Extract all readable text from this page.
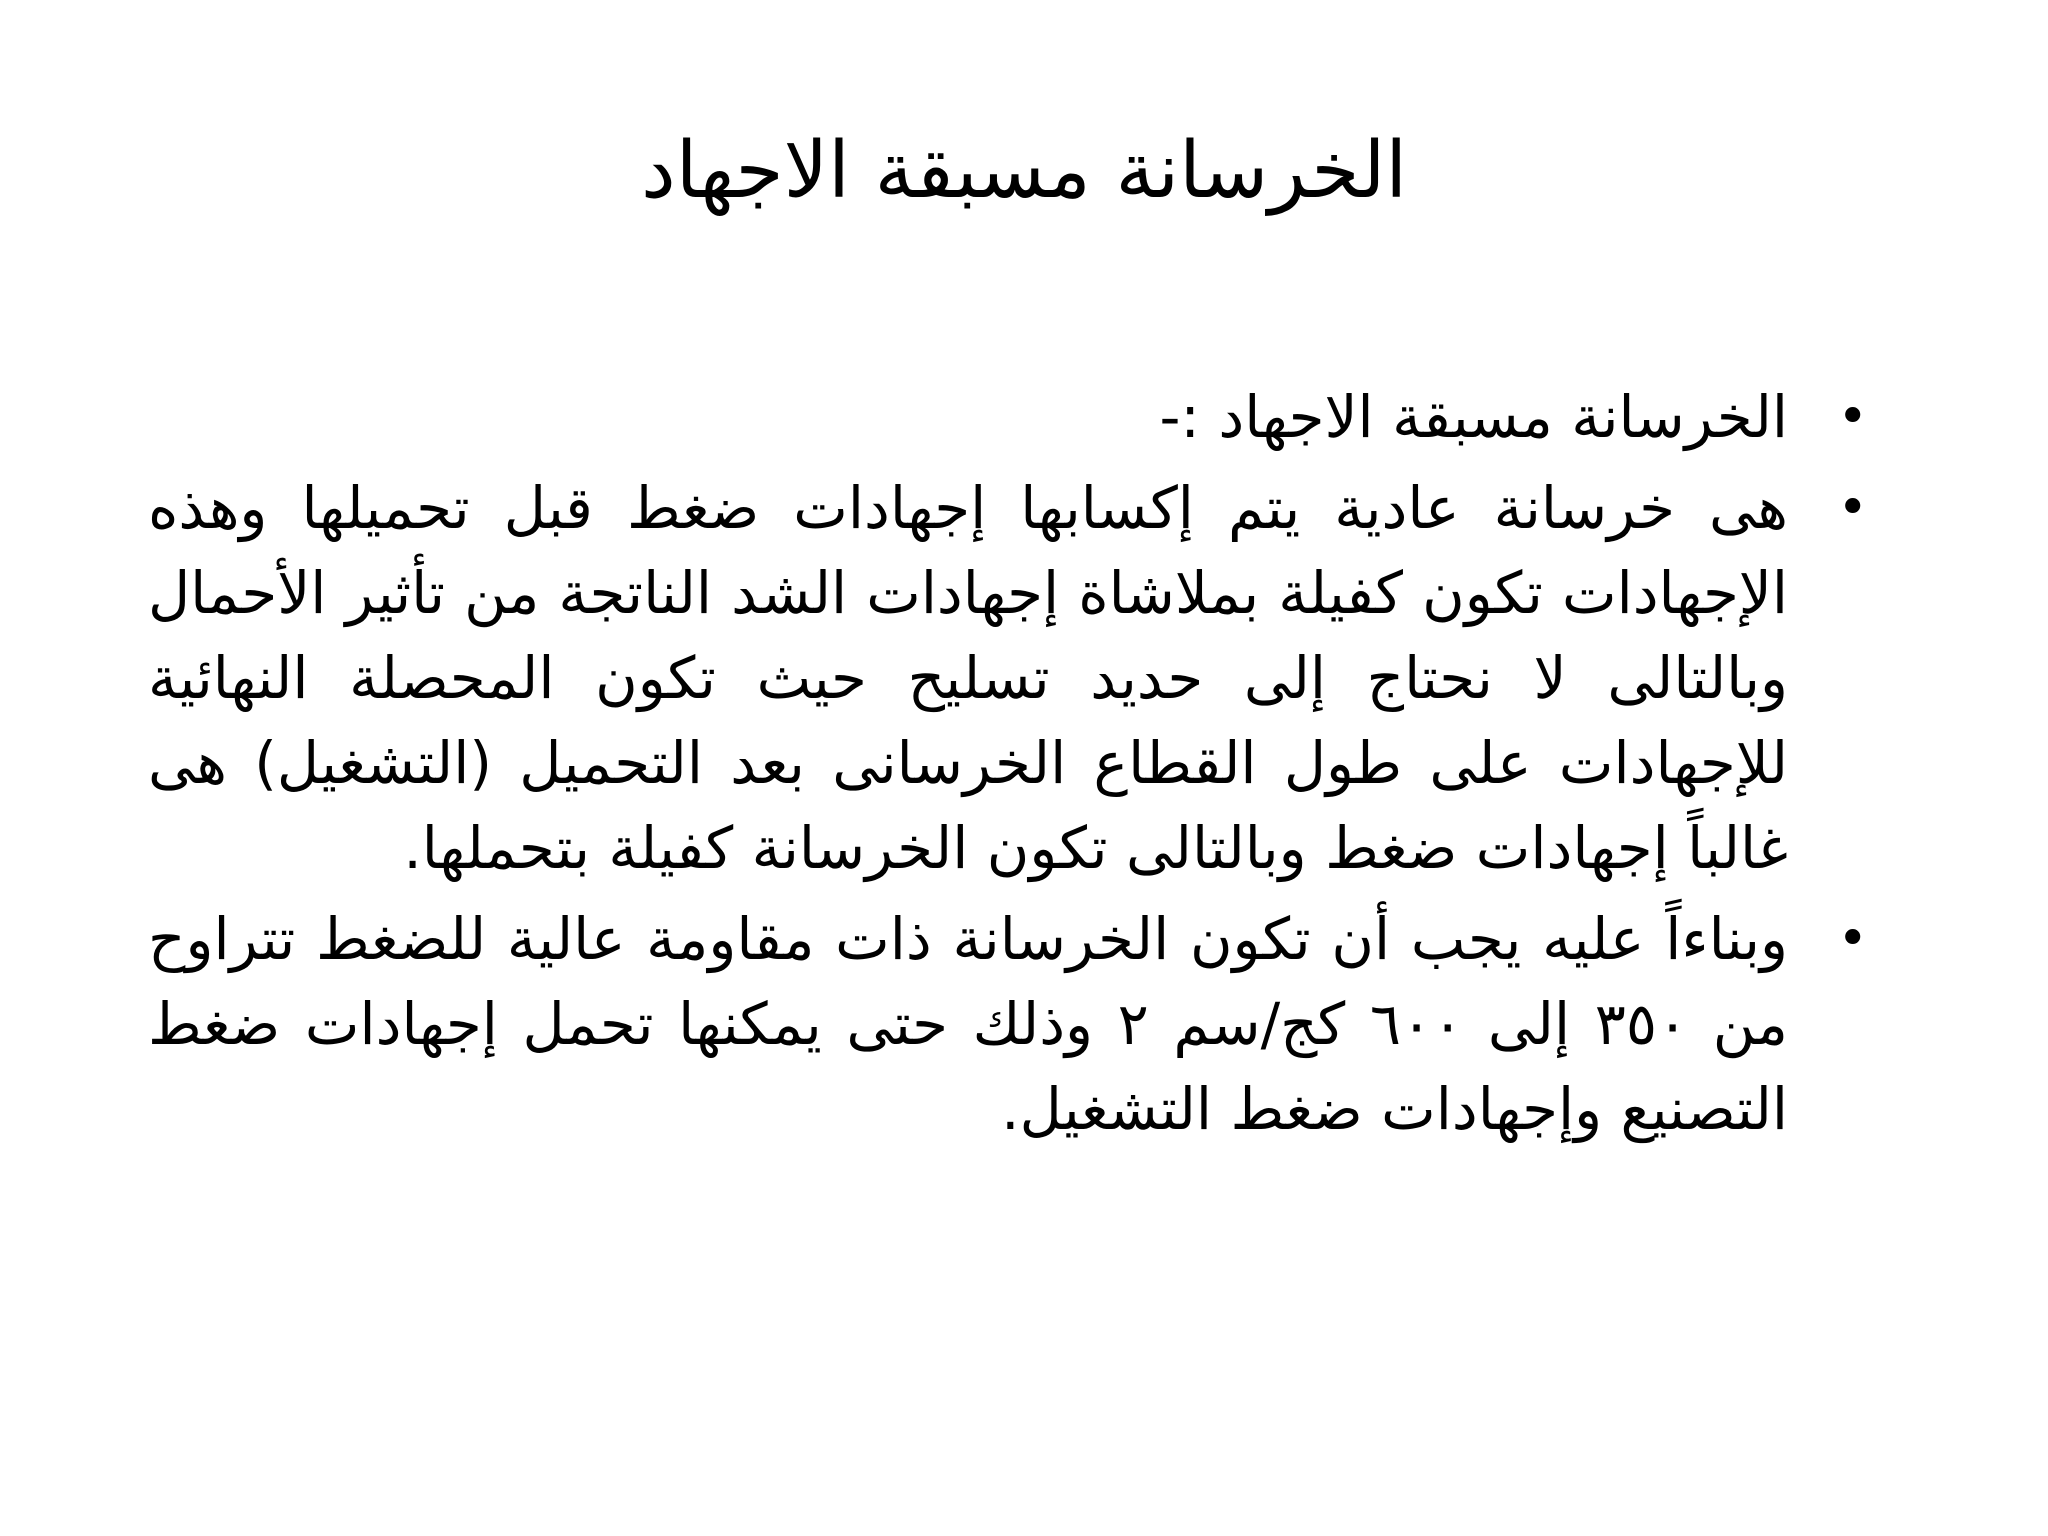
الخرسانة مسبقة الاجهاد
•
الخرسانة مسبقة الاجهاد :-
•
هى خرسانة عادية يتم إكسابها إجهادات ضغط قبل تحميلها وهذه الإجهادات تكون كفيلة بملاشاة إجهادات الشد الناتجة من تأثير الأحمال وبالتالى لا نحتاج إلى حديد تسليح حيث تكون المحصلة النهائية للإجهادات على طول القطاع الخرسانى بعد التحميل (التشغيل) هى غالباً إجهادات ضغط وبالتالى تكون الخرسانة كفيلة بتحملها.
•
وبناءاً عليه يجب أن تكون الخرسانة ذات مقاومة عالية للضغط تتراوح من ٣٥٠ إلى ٦٠٠ كج/سم ٢ وذلك حتى يمكنها تحمل إجهادات ضغط التصنيع وإجهادات ضغط التشغيل.
